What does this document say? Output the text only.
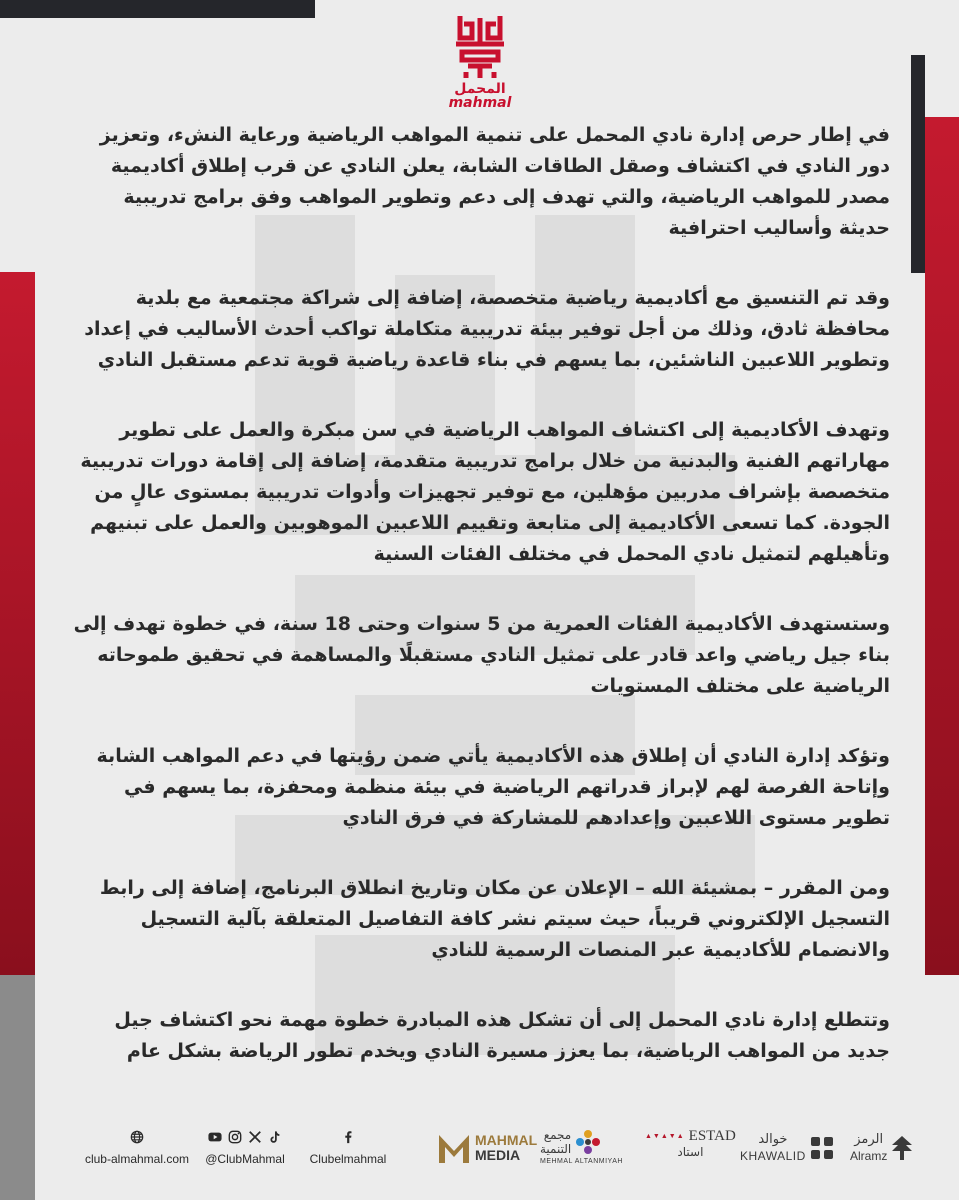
المحمل
mahmal

في إطار حرص إدارة نادي المحمل على تنمية المواهب الرياضية ورعاية النشء، وتعزيز دور النادي في اكتشاف وصقل الطاقات الشابة، يعلن النادي عن قرب إطلاق أكاديمية مصدر للمواهب الرياضية، والتي تهدف إلى دعم وتطوير المواهب وفق برامج تدريبية حديثة وأساليب احترافية

وقد تم التنسيق مع أكاديمية رياضية متخصصة، إضافة إلى شراكة مجتمعية مع بلدية محافظة ثادق، وذلك من أجل توفير بيئة تدريبية متكاملة تواكب أحدث الأساليب في إعداد وتطوير اللاعبين الناشئين، بما يسهم في بناء قاعدة رياضية قوية تدعم مستقبل النادي

وتهدف الأكاديمية إلى اكتشاف المواهب الرياضية في سن مبكرة والعمل على تطوير مهاراتهم الفنية والبدنية من خلال برامج تدريبية متقدمة، إضافة إلى إقامة دورات تدريبية متخصصة بإشراف مدربين مؤهلين، مع توفير تجهيزات وأدوات تدريبية بمستوى عالٍ من الجودة. كما تسعى الأكاديمية إلى متابعة وتقييم اللاعبين الموهوبين والعمل على تبنيهم وتأهيلهم لتمثيل نادي المحمل في مختلف الفئات السنية

وستستهدف الأكاديمية الفئات العمرية من 5 سنوات وحتى 18 سنة، في خطوة تهدف إلى بناء جيل رياضي واعد قادر على تمثيل النادي مستقبلًا والمساهمة في تحقيق طموحاته الرياضية على مختلف المستويات

وتؤكد إدارة النادي أن إطلاق هذه الأكاديمية يأتي ضمن رؤيتها في دعم المواهب الشابة وإتاحة الفرصة لهم لإبراز قدراتهم الرياضية في بيئة منظمة ومحفزة، بما يسهم في تطوير مستوى اللاعبين وإعدادهم للمشاركة في فرق النادي

ومن المقرر – بمشيئة الله – الإعلان عن مكان وتاريخ انطلاق البرنامج، إضافة إلى رابط التسجيل الإلكتروني قريباً، حيث سيتم نشر كافة التفاصيل المتعلقة بآلية التسجيل والانضمام للأكاديمية عبر المنصات الرسمية للنادي

وتتطلع إدارة نادي المحمل إلى أن تشكل هذه المبادرة خطوة مهمة نحو اكتشاف جيل جديد من المواهب الرياضية، بما يعزز مسيرة النادي ويخدم تطور الرياضة بشكل عام

club-almahmal.com @ClubMahmal Clubelmahmal
MAHMAL
MEDIA
مجمع
التنمية
MEHMAL ALTANMIYAH
▲▼▲▼▲ ESTAD
استاد
خوالد
KHAWALID
الرمز
Alramz
